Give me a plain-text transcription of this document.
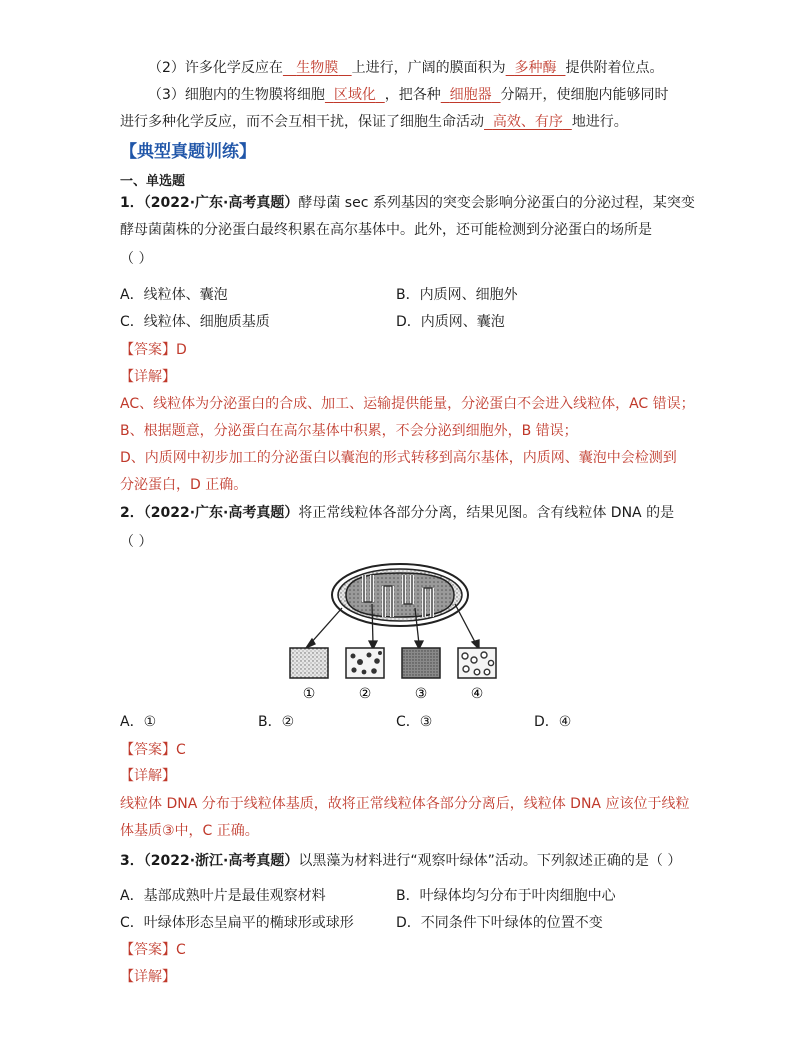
（2）许多化学反应在 生物膜 上进行，广阔的膜面积为 多种酶 提供附着位点。
（3）细胞内的生物膜将细胞 区域化 ，把各种 细胞器 分隔开，使细胞内能够同时
进行多种化学反应，而不会互相干扰，保证了细胞生命活动 高效、有序 地进行。
【典型真题训练】
一、单选题
1．（2022·广东·高考真题）酵母菌 sec 系列基因的突变会影响分泌蛋白的分泌过程，某突变
酵母菌菌株的分泌蛋白最终积累在高尔基体中。此外，还可能检测到分泌蛋白的场所是
（ ）
A．线粒体、囊泡	B．内质网、细胞外
C．线粒体、细胞质基质	D．内质网、囊泡
【答案】D
【详解】
AC、线粒体为分泌蛋白的合成、加工、运输提供能量，分泌蛋白不会进入线粒体，AC 错误；
B、根据题意，分泌蛋白在高尔基体中积累，不会分泌到细胞外，B 错误；
D、内质网中初步加工的分泌蛋白以囊泡的形式转移到高尔基体，内质网、囊泡中会检测到
分泌蛋白，D 正确。
2．（2022·广东·高考真题）将正常线粒体各部分分离，结果见图。含有线粒体 DNA 的是
（ ）
①	②	③	④
A．①	B．②	C．③	D．④
【答案】C
【详解】
线粒体 DNA 分布于线粒体基质，故将正常线粒体各部分分离后，线粒体 DNA 应该位于线粒
体基质③中，C 正确。
3．（2022·浙江·高考真题）以黑藻为材料进行“观察叶绿体”活动。下列叙述正确的是（ ）
A．基部成熟叶片是最佳观察材料	B．叶绿体均匀分布于叶肉细胞中心
C．叶绿体形态呈扁平的椭球形或球形	D．不同条件下叶绿体的位置不变
【答案】C
【详解】
